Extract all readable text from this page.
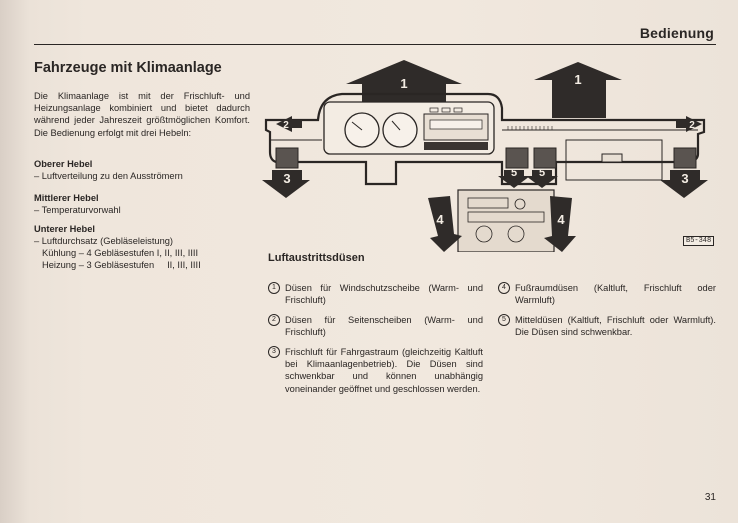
Bedienung
Fahrzeuge mit Klimaanlage
Die Klimaanlage ist mit der Frischluft- und Heizungsanlage kombiniert und bietet dadurch während jeder Jahreszeit größtmöglichen Komfort. Die Bedienung erfolgt mit drei Hebeln:
Oberer Hebel
– Luftverteilung zu den Ausströmern
Mittlerer Hebel
– Temperaturvorwahl
Unterer Hebel
– Luftdurchsatz (Gebläseleistung)
Kühlung – 4 Gebläsestufen I, II, III, IIII
Heizung – 3 Gebläsestufen     II, III, IIII
1	1
2	2
3	3
4	4
5 5
B5-348
Luftaustrittsdüsen
1 Düsen für Windschutzscheibe (Warm- und Frischluft)
2 Düsen für Seitenscheiben (Warm- und Frischluft)
3 Frischluft für Fahrgastraum (gleichzeitig Kaltluft bei Klimaanlagenbetrieb). Die Düsen sind schwenkbar und können unabhängig voneinander geöffnet und geschlossen werden.
4 Fußraumdüsen (Kaltluft, Frischluft oder Warmluft)
5 Mitteldüsen (Kaltluft, Frischluft oder Warmluft). Die Düsen sind schwenkbar.
31
